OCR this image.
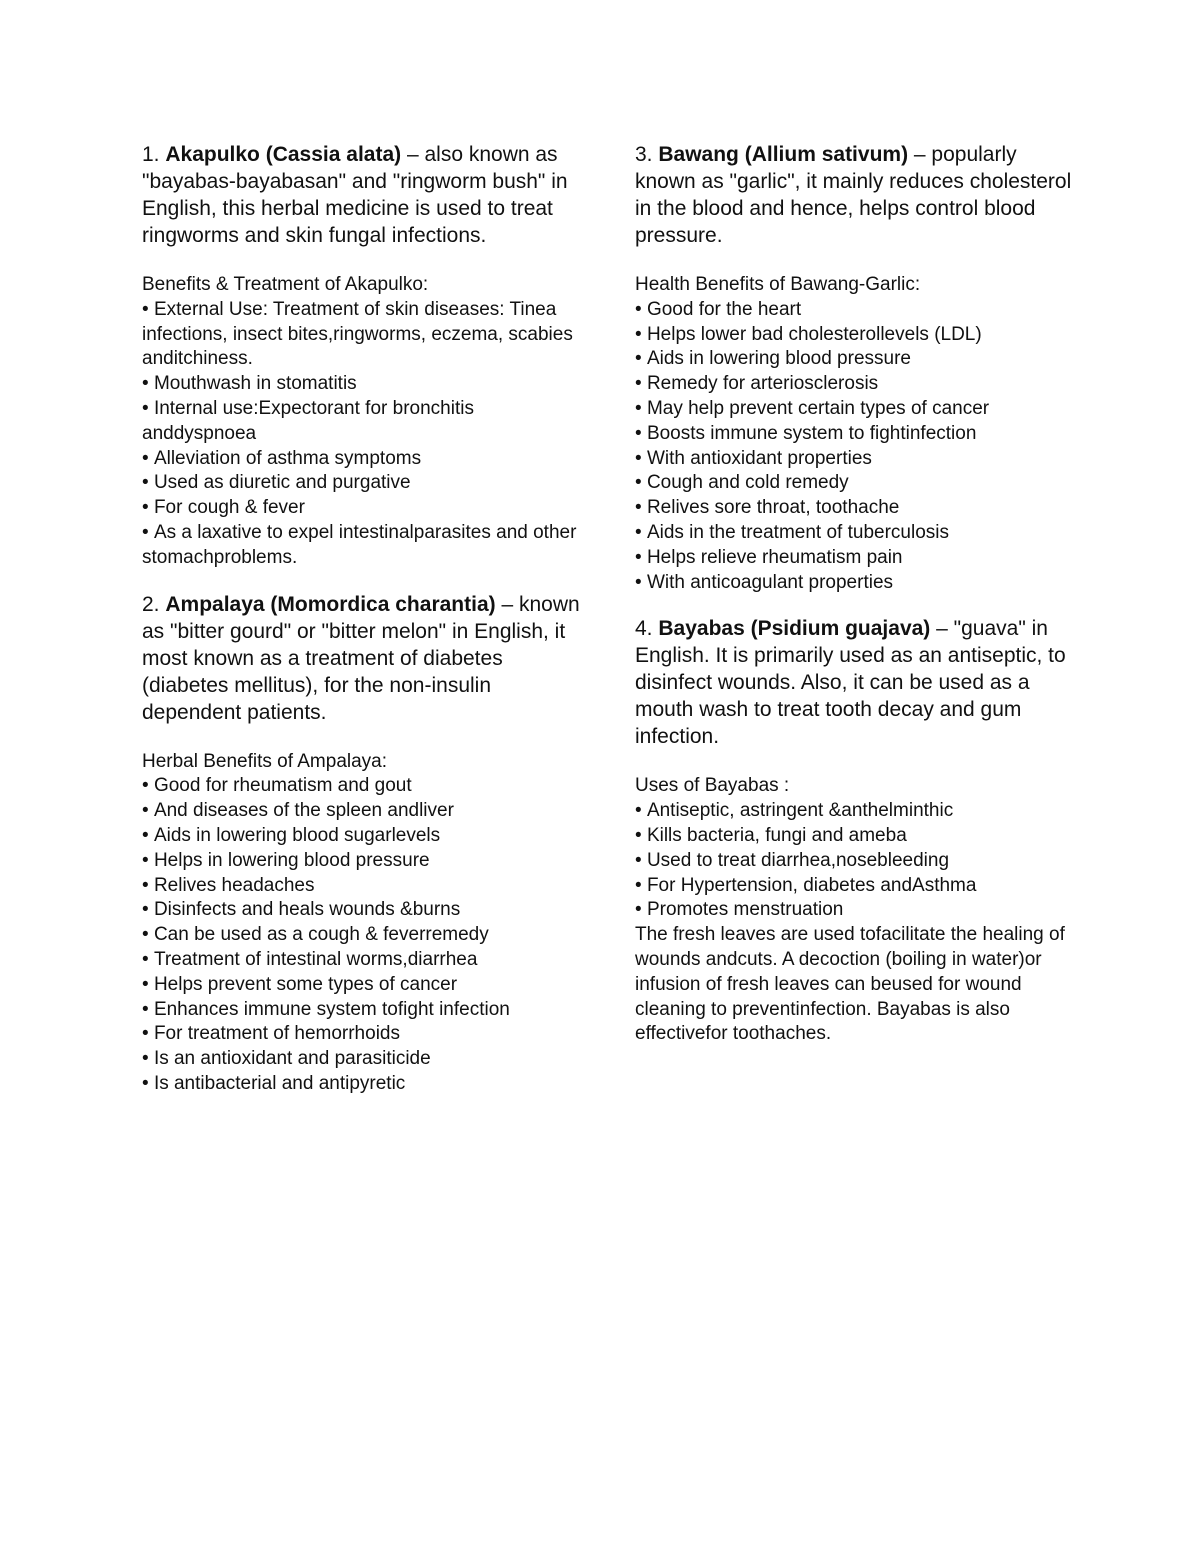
1. Akapulko (Cassia alata) – also known as "bayabas-bayabasan" and "ringworm bush" in English, this herbal medicine is used to treat ringworms and skin fungal infections.

Benefits & Treatment of Akapulko:

• External Use: Treatment of skin diseases: Tinea infections, insect bites,ringworms, eczema, scabies anditchiness.
• Mouthwash in stomatitis
• Internal use:Expectorant for bronchitis anddyspnoea
• Alleviation of asthma symptoms
• Used as diuretic and purgative
• For cough & fever
• As a laxative to expel intestinalparasites and other stomachproblems.

2. Ampalaya (Momordica charantia) – known as "bitter gourd" or "bitter melon" in English, it most known as a treatment of diabetes (diabetes mellitus), for the non-insulin dependent patients.

Herbal Benefits of Ampalaya:

• Good for rheumatism and gout
• And diseases of the spleen andliver
• Aids in lowering blood sugarlevels
• Helps in lowering blood pressure
• Relives headaches
• Disinfects and heals wounds &burns
• Can be used as a cough & feverremedy
• Treatment of intestinal worms,diarrhea
• Helps prevent some types of cancer
• Enhances immune system tofight infection
• For treatment of hemorrhoids
• Is an antioxidant and parasiticide
• Is antibacterial and antipyretic

3. Bawang (Allium sativum) – popularly known as "garlic", it mainly reduces cholesterol in the blood and hence, helps control blood pressure.

Health Benefits of Bawang-Garlic:

• Good for the heart
• Helps lower bad cholesterollevels (LDL)
• Aids in lowering blood pressure
• Remedy for arteriosclerosis
• May help prevent certain types of cancer
• Boosts immune system to fightinfection
• With antioxidant properties
• Cough and cold remedy
• Relives sore throat, toothache
• Aids in the treatment of tuberculosis
• Helps relieve rheumatism pain
• With anticoagulant properties

4. Bayabas (Psidium guajava) – "guava" in English. It is primarily used as an antiseptic, to disinfect wounds. Also, it can be used as a mouth wash to treat tooth decay and gum infection.

Uses of Bayabas :

• Antiseptic, astringent &anthelminthic
• Kills bacteria, fungi and ameba
• Used to treat diarrhea,nosebleeding
• For Hypertension, diabetes andAsthma
• Promotes menstruation

The fresh leaves are used tofacilitate the healing of wounds andcuts. A decoction (boiling in water)or infusion of fresh leaves can beused for wound cleaning to preventinfection. Bayabas is also effectivefor toothaches.
